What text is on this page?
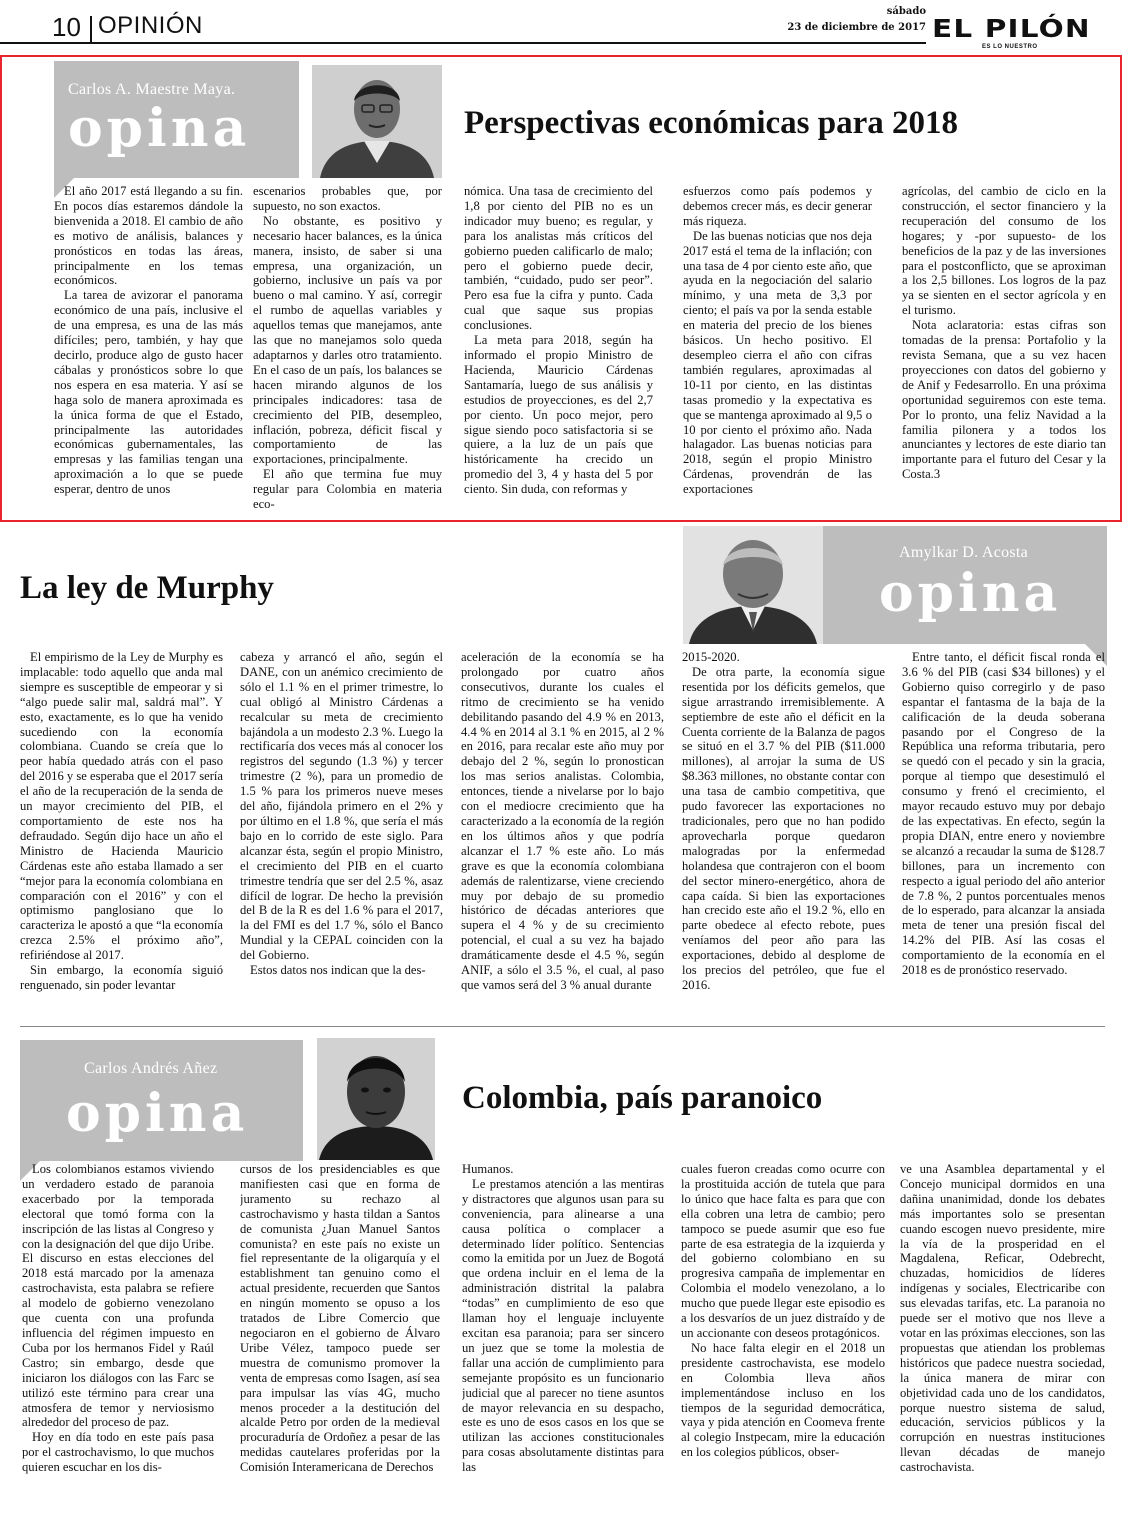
10 OPINIÓN
sábado
23 de diciembre de 2017 EL PILÓN
ES LO NUESTRO
Carlos A. Maestre Maya.
opina	Perspectivas económicas para 2018

El año 2017 está llegando a su fin. En pocos días estaremos dándole la bienvenida a 2018. El cambio de año es motivo de análisis, balances y pronósticos en todas las áreas, principalmente en los temas económicos.

La tarea de avizorar el panorama económico de una país, inclusive el de una empresa, es una de las más difíciles; pero, también, y hay que decirlo, produce algo de gusto hacer cábalas y pronósticos sobre lo que nos espera en esa materia. Y así se haga solo de manera aproximada es la única forma de que el Estado, principalmente las autoridades económicas gubernamentales, las empresas y las familias tengan una aproximación a lo que se puede esperar, dentro de unos

escenarios probables que, por supuesto, no son exactos.

No obstante, es positivo y necesario hacer balances, es la única manera, insisto, de saber si una empresa, una organización, un gobierno, inclusive un país va por bueno o mal camino. Y así, corregir el rumbo de aquellas variables y aquellos temas que manejamos, ante las que no manejamos solo queda adaptarnos y darles otro tratamiento. En el caso de un país, los balances se hacen mirando algunos de los principales indicadores: tasa de crecimiento del PIB, desempleo, inflación, pobreza, déficit fiscal y comportamiento de las exportaciones, principalmente.

El año que termina fue muy regular para Colombia en materia eco-

nómica. Una tasa de crecimiento del 1,8 por ciento del PIB no es un indicador muy bueno; es regular, y para los analistas más críticos del gobierno pueden calificarlo de malo; pero el gobierno puede decir, también, “cuidado, pudo ser peor”. Pero esa fue la cifra y punto. Cada cual que saque sus propias conclusiones.

La meta para 2018, según ha informado el propio Ministro de Hacienda, Mauricio Cárdenas Santamaría, luego de sus análisis y estudios de proyecciones, es del 2,7 por ciento. Un poco mejor, pero sigue siendo poco satisfactoria si se quiere, a la luz de un país que históricamente ha crecido un promedio del 3, 4 y hasta del 5 por ciento. Sin duda, con reformas y

esfuerzos como país podemos y debemos crecer más, es decir generar más riqueza.

De las buenas noticias que nos deja 2017 está el tema de la inflación; con una tasa de 4 por ciento este año, que ayuda en la negociación del salario mínimo, y una meta de 3,3 por ciento; el país va por la senda estable en materia del precio de los bienes básicos. Un hecho positivo. El desempleo cierra el año con cifras también regulares, aproximadas al 10-11 por ciento, en las distintas tasas promedio y la expectativa es que se mantenga aproximado al 9,5 o 10 por ciento el próximo año. Nada halagador. Las buenas noticias para 2018, según el propio Ministro Cárdenas, provendrán de las exportaciones

agrícolas, del cambio de ciclo en la construcción, el sector financiero y la recuperación del consumo de los hogares; y -por supuesto- de los beneficios de la paz y de las inversiones para el postconflicto, que se aproximan a los 2,5 billones. Los logros de la paz ya se sienten en el sector agrícola y en el turismo.

Nota aclaratoria: estas cifras son tomadas de la prensa: Portafolio y la revista Semana, que a su vez hacen proyecciones con datos del gobierno y de Anif y Fedesarrollo. En una próxima oportunidad seguiremos con este tema. Por lo pronto, una feliz Navidad a la familia pilonera y a todos los anunciantes y lectores de este diario tan importante para el futuro del Cesar y la Costa.3

La ley de Murphy
Amylkar D. Acosta
opina

El empirismo de la Ley de Murphy es implacable: todo aquello que anda mal siempre es susceptible de empeorar y si “algo puede salir mal, saldrá mal”. Y esto, exactamente, es lo que ha venido sucediendo con la economía colombiana. Cuando se creía que lo peor había quedado atrás con el paso del 2016 y se esperaba que el 2017 sería el año de la recuperación de la senda de un mayor crecimiento del PIB, el comportamiento de este nos ha defraudado. Según dijo hace un año el Ministro de Hacienda Mauricio Cárdenas este año estaba llamado a ser “mejor para la economía colombiana en comparación con el 2016” y con el optimismo panglosiano que lo caracteriza le apostó a que “la economía crezca 2.5% el próximo año”, refiriéndose al 2017.

Sin embargo, la economía siguió renguenado, sin poder levantar

cabeza y arrancó el año, según el DANE, con un anémico crecimiento de sólo el 1.1 % en el primer trimestre, lo cual obligó al Ministro Cárdenas a recalcular su meta de crecimiento bajándola a un modesto 2.3 %. Luego la rectificaría dos veces más al conocer los registros del segundo (1.3 %) y tercer trimestre (2 %), para un promedio de 1.5 % para los primeros nueve meses del año, fijándola primero en el 2% y por último en el 1.8 %, que sería el más bajo en lo corrido de este siglo. Para alcanzar ésta, según el propio Ministro, el crecimiento del PIB en el cuarto trimestre tendría que ser del 2.5 %, asaz difícil de lograr. De hecho la previsión del B de la R es del 1.6 % para el 2017, la del FMI es del 1.7 %, sólo el Banco Mundial y la CEPAL coinciden con la del Gobierno.

Estos datos nos indican que la des-

aceleración de la economía se ha prolongado por cuatro años consecutivos, durante los cuales el ritmo de crecimiento se ha venido debilitando pasando del 4.9 % en 2013, 4.4 % en 2014 al 3.1 % en 2015, al 2 % en 2016, para recalar este año muy por debajo del 2 %, según lo pronostican los mas serios analistas. Colombia, entonces, tiende a nivelarse por lo bajo con el mediocre crecimiento que ha caracterizado a la economía de la región en los últimos años y que podría alcanzar el 1.7 % este año. Lo más grave es que la economía colombiana además de ralentizarse, viene creciendo muy por debajo de su promedio histórico de décadas anteriores que supera el 4 % y de su crecimiento potencial, el cual a su vez ha bajado dramáticamente desde el 4.5 %, según ANIF, a sólo el 3.5 %, el cual, al paso que vamos será del 3 % anual durante

2015-2020.

De otra parte, la economía sigue resentida por los déficits gemelos, que sigue arrastrando irremisiblemente. A septiembre de este año el déficit en la Cuenta corriente de la Balanza de pagos se situó en el 3.7 % del PIB ($11.000 millones), al arrojar la suma de US $8.363 millones, no obstante contar con una tasa de cambio competitiva, que pudo favorecer las exportaciones no tradicionales, pero que no han podido aprovecharla porque quedaron malogradas por la enfermedad holandesa que contrajeron con el boom del sector minero-energético, ahora de capa caída. Si bien las exportaciones han crecido este año el 19.2 %, ello en parte obedece al efecto rebote, pues veníamos del peor año para las exportaciones, debido al desplome de los precios del petróleo, que fue el 2016.

Entre tanto, el déficit fiscal ronda el 3.6 % del PIB (casi $34 billones) y el Gobierno quiso corregirlo y de paso espantar el fantasma de la baja de la calificación de la deuda soberana pasando por el Congreso de la República una reforma tributaria, pero se quedó con el pecado y sin la gracia, porque al tiempo que desestimuló el consumo y frenó el crecimiento, el mayor recaudo estuvo muy por debajo de las expectativas. En efecto, según la propia DIAN, entre enero y noviembre se alcanzó a recaudar la suma de $128.7 billones, para un incremento con respecto a igual periodo del año anterior de 7.8 %, 2 puntos porcentuales menos de lo esperado, para alcanzar la ansiada meta de tener una presión fiscal del 14.2% del PIB. Así las cosas el comportamiento de la economía en el 2018 es de pronóstico reservado.

Carlos Andrés Añez
opina	Colombia, país paranoico

Los colombianos estamos viviendo un verdadero estado de paranoia exacerbado por la temporada electoral que tomó forma con la inscripción de las listas al Congreso y con la designación del que dijo Uribe. El discurso en estas elecciones del 2018 está marcado por la amenaza castrochavista, esta palabra se refiere al modelo de gobierno venezolano que cuenta con una profunda influencia del régimen impuesto en Cuba por los hermanos Fidel y Raúl Castro; sin embargo, desde que iniciaron los diálogos con las Farc se utilizó este término para crear una atmosfera de temor y nerviosismo alrededor del proceso de paz.

Hoy en día todo en este país pasa por el castrochavismo, lo que muchos quieren escuchar en los dis-

cursos de los presidenciables es que manifiesten casi que en forma de juramento su rechazo al castrochavismo y hasta tildan a Santos de comunista ¿Juan Manuel Santos comunista? en este país no existe un fiel representante de la oligarquía y el establishment tan genuino como el actual presidente, recuerden que Santos en ningún momento se opuso a los tratados de Libre Comercio que negociaron en el gobierno de Álvaro Uribe Vélez, tampoco puede ser muestra de comunismo promover la venta de empresas como Isagen, así sea para impulsar las vías 4G, mucho menos proceder a la destitución del alcalde Petro por orden de la medieval procuraduría de Ordoñez a pesar de las medidas cautelares proferidas por la Comisión Interamericana de Derechos

Humanos.

Le prestamos atención a las mentiras y distractores que algunos usan para su conveniencia, para alinearse a una causa política o complacer a determinado líder político. Sentencias como la emitida por un Juez de Bogotá que ordena incluir en el lema de la administración distrital la palabra “todas” en cumplimiento de eso que llaman hoy el lenguaje incluyente excitan esa paranoia; para ser sincero un juez que se tome la molestia de fallar una acción de cumplimiento para semejante propósito es un funcionario judicial que al parecer no tiene asuntos de mayor relevancia en su despacho, este es uno de esos casos en los que se utilizan las acciones constitucionales para cosas absolutamente distintas para las

cuales fueron creadas como ocurre con la prostituida acción de tutela que para lo único que hace falta es para que con ella cobren una letra de cambio; pero tampoco se puede asumir que eso fue parte de esa estrategia de la izquierda y del gobierno colombiano en su progresiva campaña de implementar en Colombia el modelo venezolano, a lo mucho que puede llegar este episodio es a los desvaríos de un juez distraído y de un accionante con deseos protagónicos.

No hace falta elegir en el 2018 un presidente castrochavista, ese modelo en Colombia lleva años implementándose incluso en los tiempos de la seguridad democrática, vaya y pida atención en Coomeva frente al colegio Instpecam, mire la educación en los colegios públicos, obser-

ve una Asamblea departamental y el Concejo municipal dormidos en una dañina unanimidad, donde los debates más importantes solo se presentan cuando escogen nuevo presidente, mire la vía de la prosperidad en el Magdalena, Reficar, Odebrecht, chuzadas, homicidios de líderes indígenas y sociales, Electricaribe con sus elevadas tarifas, etc. La paranoia no puede ser el motivo que nos lleve a votar en las próximas elecciones, son las propuestas que atiendan los problemas históricos que padece nuestra sociedad, la única manera de mirar con objetividad cada uno de los candidatos, porque nuestro sistema de salud, educación, servicios públicos y la corrupción en nuestras instituciones llevan décadas de manejo castrochavista.
